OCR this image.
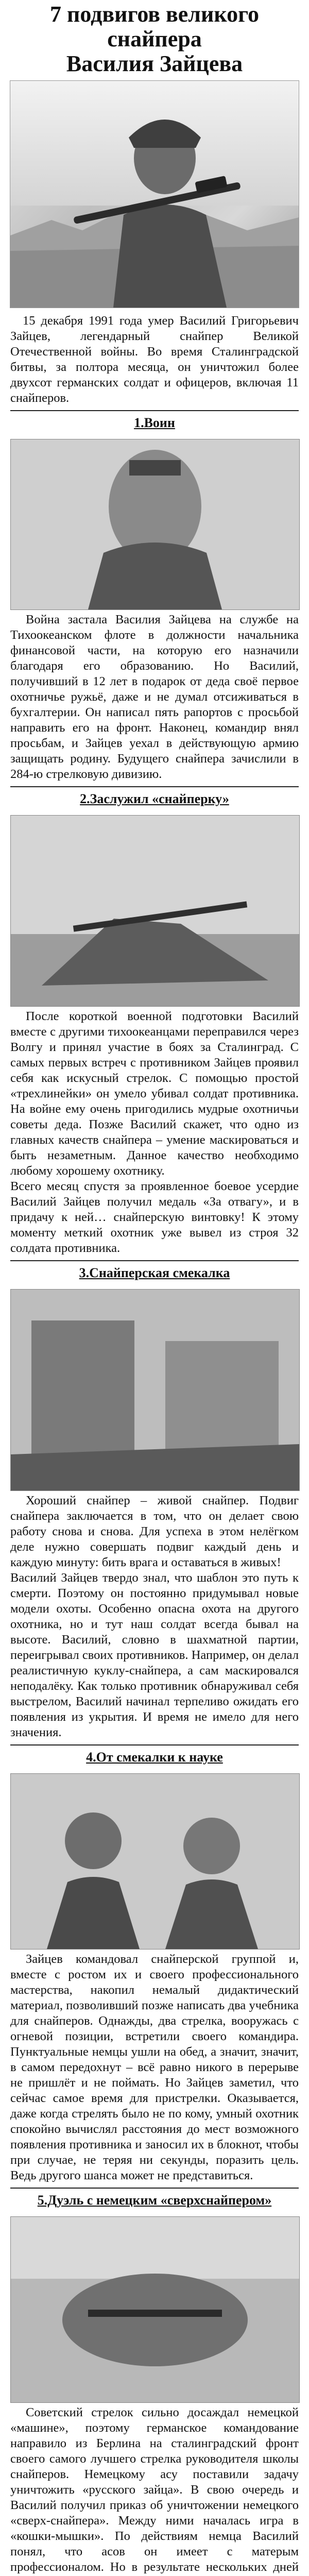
7 подвигов великого снайпера
Василия Зайцева

15 декабря 1991 года умер Василий Григорьевич Зайцев, легендарный снайпер Великой Отечественной войны. Во время Сталинградской битвы, за полтора месяца, он уничтожил более двухсот германских солдат и офицеров, включая 11 снайперов.

1.Воин

Война застала Василия Зайцева на службе на Тихоокеанском флоте в должности начальника финансовой части, на которую его назначили благодаря его образованию. Но Василий, получивший в 12 лет в подарок от деда своё первое охотничье ружьё, даже и не думал отсиживаться в бухгалтерии. Он написал пять рапортов с просьбой направить его на фронт. Наконец, командир внял просьбам, и Зайцев уехал в действующую армию защищать родину. Будущего снайпера зачислили в 284-ю стрелковую дивизию.

2.Заслужил «снайперку»

После короткой военной подготовки Василий вместе с другими тихоокеанцами переправился через Волгу и принял участие в боях за Сталинград. С самых первых встреч с противником Зайцев проявил себя как искусный стрелок. С помощью простой «трехлинейки» он умело убивал солдат противника. На войне ему очень пригодились мудрые охотничьи советы деда. Позже Василий скажет, что одно из главных качеств снайпера – умение маскироваться и быть незаметным. Данное качество необходимо любому хорошему охотнику.
Всего месяц спустя за проявленное боевое усердие Василий Зайцев получил медаль «За отвагу», и в придачу к ней… снайперскую винтовку! К этому моменту меткий охотник уже вывел из строя 32 солдата противника.

3.Снайперская смекалка

Хороший снайпер – живой снайпер. Подвиг снайпера заключается в том, что он делает свою работу снова и снова. Для успеха в этом нелёгком деле нужно совершать подвиг каждый день и каждую минуту: бить врага и оставаться в живых!
Василий Зайцев твердо знал, что шаблон это путь к смерти. Поэтому он постоянно придумывал новые модели охоты. Особенно опасна охота на другого охотника, но и тут наш солдат всегда бывал на высоте. Василий, словно в шахматной партии, переигрывал своих противников. Например, он делал реалистичную куклу-снайпера, а сам маскировался неподалёку. Как только противник обнаруживал себя выстрелом, Василий начинал терпеливо ожидать его появления из укрытия. И время не имело для него значения.

4.От смекалки к науке

Зайцев командовал снайперской группой и, вместе с ростом их и своего профессионального мастерства, накопил немалый дидактический материал, позволивший позже написать два учебника для снайперов. Однажды, два стрелка, вооружась с огневой позиции, встретили своего командира. Пунктуальные немцы ушли на обед, а значит, значит, в самом передохнут – всё равно никого в перерыве не пришлёт и не поймать. Но Зайцев заметил, что сейчас самое время для пристрелки. Оказывается, даже когда стрелять было не по кому, умный охотник спокойно вычислял расстояния до мест возможного появления противника и заносил их в блокнот, чтобы при случае, не теряя ни секунды, поразить цель. Ведь другого шанса может не представиться.

5.Дуэль с немецким «сверхснайпером»

Советский стрелок сильно досаждал немецкой «машине», поэтому германское командование направило из Берлина на сталинградский фронт своего самого лучшего стрелка руководителя школы снайперов. Немецкому асу поставили задачу уничтожить «русского зайца». В свою очередь и Василий получил приказ об уничтожении немецкого «сверх-снайпера». Между ними началась игра в «кошки-мышки». По действиям немца Василий понял, что асов он имеет с матерым профессионалом. Но в результате нескольких дней
